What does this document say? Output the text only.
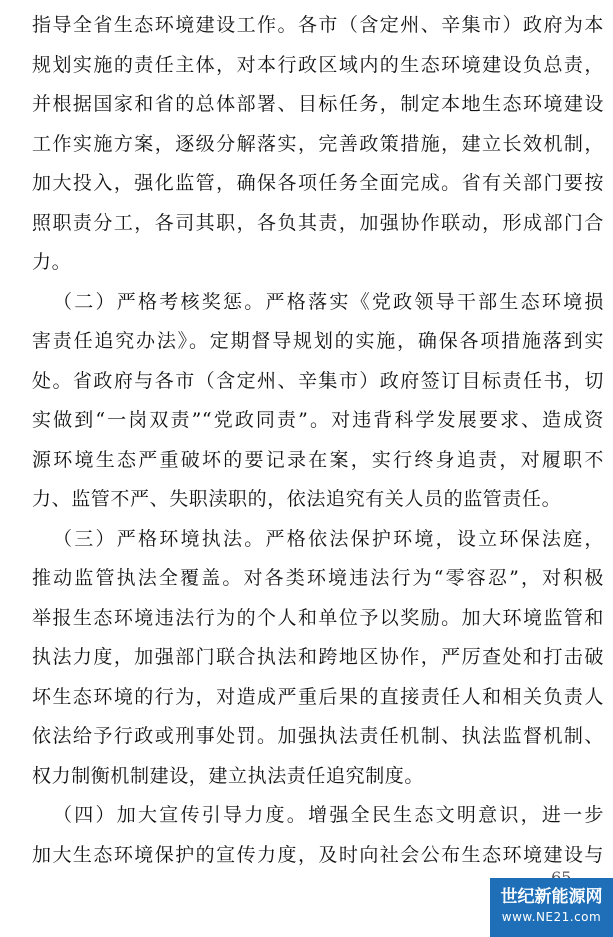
指导全省生态环境建设工作。各市（含定州、辛集市）政府为本
规划实施的责任主体，对本行政区域内的生态环境建设负总责，
并根据国家和省的总体部署、目标任务，制定本地生态环境建设
工作实施方案，逐级分解落实，完善政策措施，建立长效机制，
加大投入，强化监管，确保各项任务全面完成。省有关部门要按
照职责分工，各司其职，各负其责，加强协作联动，形成部门合
力。
（二）严格考核奖惩。严格落实《党政领导干部生态环境损
害责任追究办法》。定期督导规划的实施，确保各项措施落到实
处。省政府与各市（含定州、辛集市）政府签订目标责任书，切
实做到“一岗双责”“党政同责”。对违背科学发展要求、造成资
源环境生态严重破坏的要记录在案，实行终身追责，对履职不
力、监管不严、失职渎职的，依法追究有关人员的监管责任。
（三）严格环境执法。严格依法保护环境，设立环保法庭，
推动监管执法全覆盖。对各类环境违法行为“零容忍”，对积极
举报生态环境违法行为的个人和单位予以奖励。加大环境监管和
执法力度，加强部门联合执法和跨地区协作，严厉查处和打击破
坏生态环境的行为，对造成严重后果的直接责任人和相关负责人
依法给予行政或刑事处罚。加强执法责任机制、执法监督机制、
权力制衡机制建设，建立执法责任追究制度。
（四）加大宣传引导力度。增强全民生态文明意识，进一步
加大生态环境保护的宣传力度，及时向社会公布生态环境建设与
世纪新能源网
www.NE21.com
